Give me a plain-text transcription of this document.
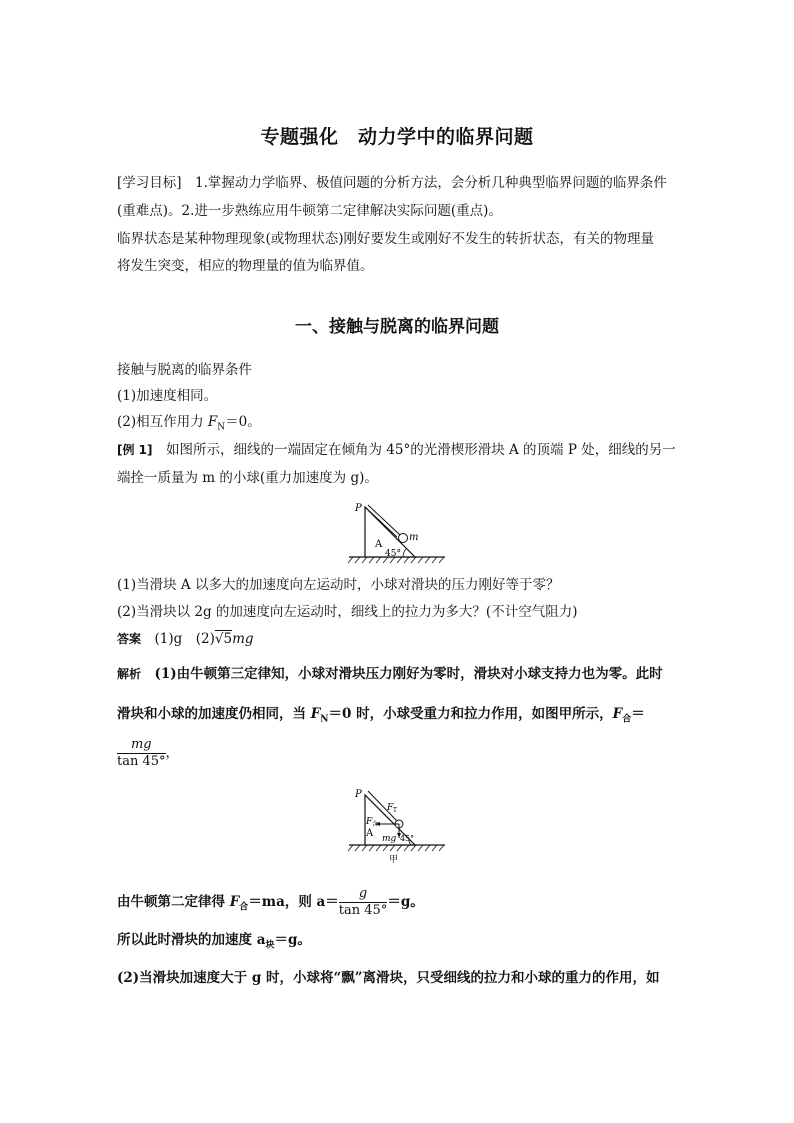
专题强化　动力学中的临界问题
[学习目标]　1.掌握动力学临界、极值问题的分析方法，会分析几种典型临界问题的临界条件
(重难点)。2.进一步熟练应用牛顿第二定律解决实际问题(重点)。
临界状态是某种物理现象(或物理状态)刚好要发生或刚好不发生的转折状态，有关的物理量
将发生突变，相应的物理量的值为临界值。
一、接触与脱离的临界问题
接触与脱离的临界条件
(1)加速度相同。
(2)相互作用力 $F_N=0$。
[例 1]　如图所示，细线的一端固定在倾角为 45°的光滑楔形滑块 A 的顶端 P 处，细线的另一
端拴一质量为 m 的小球(重力加速度为 g)。
P
A
m
45°
(1)当滑块 A 以多大的加速度向左运动时，小球对滑块的压力刚好等于零？
(2)当滑块以 2g 的加速度向左运动时，细线上的拉力为多大？(不计空气阻力)
答案　 (1)g　 (2)√5mg
解析　 (1)由牛顿第三定律知，小球对滑块压力刚好为零时，滑块对小球支持力也为零。此时
滑块和小球的加速度仍相同，当 $F_N=0$ 时，小球受重力和拉力作用，如图甲所示，$F_合=$
$\frac{mg}{\tan 45^\circ}$ ，
P
F T
F 合
A mg 45°
甲
由牛顿第二定律得 $F_合=ma$，则 $a= \frac{g}{\tan 45^\circ} =g$。
所以此时滑块的加速度 $a_块=g$。
(2)当滑块加速度大于 g 时，小球将“飘”离滑块，只受细线的拉力和小球的重力的作用，如
